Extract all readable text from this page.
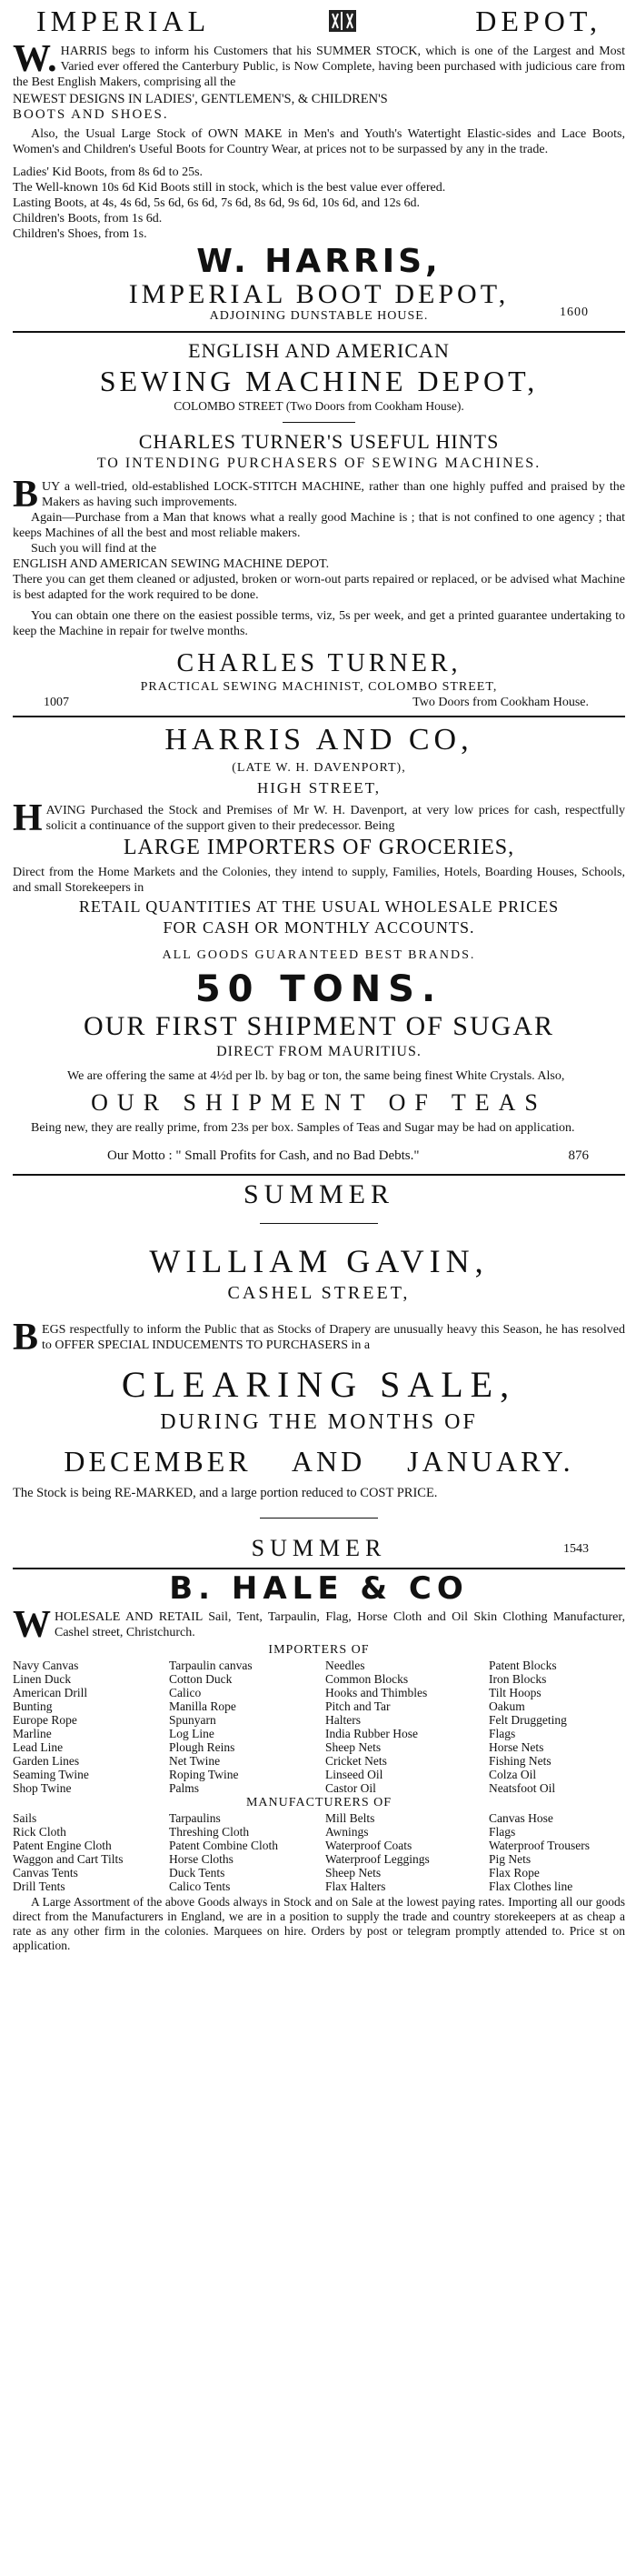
IMPERIAL	DEPOT,

W.HARRIS begs to inform his Customers that his SUMMER STOCK, which is one of the Largest and Most Varied ever offered the Canterbury Public, is Now Complete, having been purchased with judicious care from the Best English Makers, comprising all the

NEWEST DESIGNS IN LADIES', GENTLEMEN'S, & CHILDREN'S

BOOTS AND SHOES.

Also, the Usual Large Stock of OWN MAKE in Men's and Youth's Watertight Elastic-sides and Lace Boots, Women's and Children's Useful Boots for Country Wear, at prices not to be surpassed by any in the trade.

Ladies' Kid Boots, from 8s 6d to 25s.

The Well-known 10s 6d Kid Boots still in stock, which is the best value ever offered.

Lasting Boots, at 4s, 4s 6d, 5s 6d, 6s 6d, 7s 6d, 8s 6d, 9s 6d, 10s 6d, and 12s 6d.

Children's Boots, from 1s 6d.

Children's Shoes, from 1s.

W. HARRIS,
IMPERIAL BOOT DEPOT,
ADJOINING DUNSTABLE HOUSE.	1600
ENGLISH AND AMERICAN
SEWING MACHINE DEPOT,
COLOMBO STREET (Two Doors from Cookham House).
CHARLES TURNER'S USEFUL HINTS
TO INTENDING PURCHASERS OF SEWING MACHINES.

BUY a well-tried, old-established LOCK-STITCH MACHINE, rather than one highly puffed and praised by the Makers as having such improvements.

Again—Purchase from a Man that knows what a really good Machine is ; that is not confined to one agency ; that keeps Machines of all the best and most reliable makers.

Such you will find at the

ENGLISH AND AMERICAN SEWING MACHINE DEPOT.

There you can get them cleaned or adjusted, broken or worn-out parts repaired or replaced, or be advised what Machine is best adapted for the work required to be done.

You can obtain one there on the easiest possible terms, viz, 5s per week, and get a printed guarantee undertaking to keep the Machine in repair for twelve months.

CHARLES TURNER,
PRACTICAL SEWING MACHINIST, COLOMBO STREET,
1007	Two Doors from Cookham House.
HARRIS AND CO,
(LATE W. H. DAVENPORT),
HIGH STREET,

HAVING Purchased the Stock and Premises of Mr W. H. Davenport, at very low prices for cash, respectfully solicit a continuance of the support given to their predecessor. Being

LARGE IMPORTERS OF GROCERIES,

Direct from the Home Markets and the Colonies, they intend to supply, Families, Hotels, Boarding Houses, Schools, and small Storekeepers in

RETAIL QUANTITIES AT THE USUAL WHOLESALE PRICES
FOR CASH OR MONTHLY ACCOUNTS.
ALL GOODS GUARANTEED BEST BRANDS.
50 TONS.
OUR FIRST SHIPMENT OF SUGAR
DIRECT FROM MAURITIUS.

We are offering the same at 4½d per lb. by bag or ton, the same being finest White Crystals. Also,

OUR SHIPMENT OF TEAS

Being new, they are really prime, from 23s per box. Samples of Teas and Sugar may be had on application.

Our Motto : " Small Profits for Cash, and no Bad Debts."	876
SUMMER
WILLIAM GAVIN,
CASHEL STREET,

BEGS respectfully to inform the Public that as Stocks of Drapery are unusually heavy this Season, he has resolved to OFFER SPECIAL INDUCEMENTS TO PURCHASERS in a

CLEARING SALE,
DURING THE MONTHS OF
DECEMBER AND JANUARY.

The Stock is being RE-MARKED, and a large portion reduced to COST PRICE.

SUMMER	1543
B. HALE & CO

WHOLESALE AND RETAIL Sail, Tent, Tarpaulin, Flag, Horse Cloth and Oil Skin Clothing Manufacturer, Cashel street, Christchurch.

IMPORTERS OF
Navy Canvas	Tarpaulin canvas	Needles	Patent Blocks
Linen Duck	Cotton Duck	Common Blocks	Iron Blocks
American Drill	Calico	Hooks and Thimbles	Tilt Hoops
Bunting	Manilla Rope	Pitch and Tar	Oakum
Europe Rope	Spunyarn	Halters	Felt Druggeting
Marline	Log Line	India Rubber Hose	Flags
Lead Line	Plough Reins	Sheep Nets	Horse Nets
Garden Lines	Net Twine	Cricket Nets	Fishing Nets
Seaming Twine	Roping Twine	Linseed Oil	Colza Oil
Shop Twine	Palms	Castor Oil	Neatsfoot Oil
MANUFACTURERS OF
Sails	Tarpaulins	Mill Belts	Canvas Hose
Rick Cloth	Threshing Cloth	Awnings	Flags
Patent Engine Cloth	Patent Combine Cloth	Waterproof Coats	Waterproof Trousers
Waggon and Cart Tilts	Horse Cloths	Waterproof Leggings	Pig Nets
Canvas Tents	Duck Tents	Sheep Nets	Flax Rope
Drill Tents	Calico Tents	Flax Halters	Flax Clothes line

A Large Assortment of the above Goods always in Stock and on Sale at the lowest paying rates. Importing all our goods direct from the Manufacturers in England, we are in a position to supply the trade and country storekeepers at as cheap a rate as any other firm in the colonies. Marquees on hire. Orders by post or telegram promptly attended to. Price st on application.
